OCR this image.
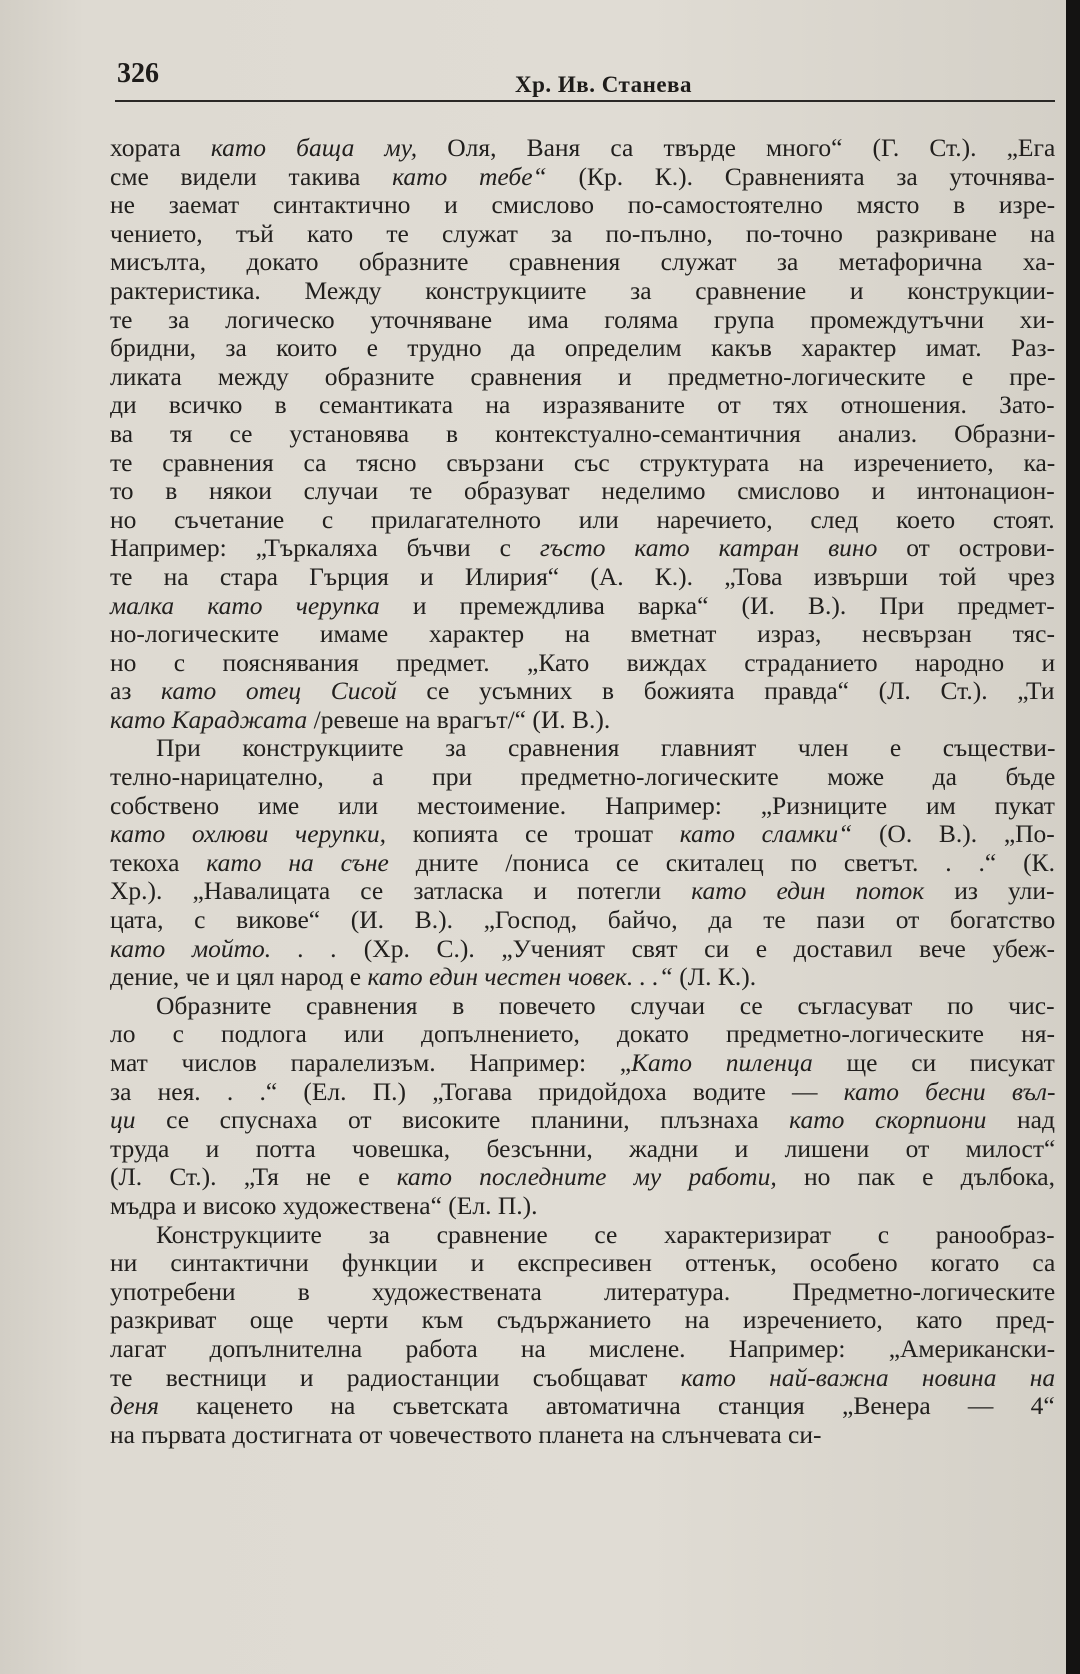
326	Хр. Ив. Станева

хората като баща му, Оля, Ваня са твърде много“ (Г. Ст.). „Ега
сме видели такива като тебе“ (Кр. К.). Сравненията за уточнява-
не заемат синтактично и смислово по-самостоятелно място в изре-
чението, тъй като те служат за по-пълно, по-точно разкриване на
мисълта, докато образните сравнения служат за метафорична ха-
рактеристика. Между конструкциите за сравнение и конструкции-
те за логическо уточняване има голяма група промеждутъчни хи-
бридни, за които е трудно да определим какъв характер имат. Раз-
ликата между образните сравнения и предметно-логическите е пре-
ди всичко в семантиката на изразяваните от тях отношения. Зато-
ва тя се установява в контекстуално-семантичния анализ. Образни-
те сравнения са тясно свързани със структурата на изречението, ка-
то в някои случаи те образуват неделимо смислово и интонацион-
но съчетание с прилагателното или наречието, след което стоят.
Например: „Търкаляха бъчви с гъсто като катран вино от острови-
те на стара Гърция и Илирия“ (А. К.). „Това извърши той чрез
малка като черупка и премеждлива варка“ (И. В.). При предмет-
но-логическите имаме характер на вметнат израз, несвързан тяс-
но с пояснявания предмет. „Като виждах страданието народно и
аз като отец Сисой се усъмних в божията правда“ (Л. Ст.). „Ти
като Караджата /ревеше на врагът/“ (И. В.).

При конструкциите за сравнения главният член е съществи-
телно-нарицателно, а при предметно-логическите може да бъде
собствено име или местоимение. Например: „Ризниците им пукат
като охлюви черупки, копията се трошат като сламки“ (О. В.). „По-
текоха като на съне дните /пониса се скиталец по светът. . .“ (К.
Хр.). „Навалицата се затласка и потегли като един поток из ули-
цата, с викове“ (И. В.). „Господ, байчо, да те пази от богатство
като мойто. . . (Хр. С.). „Ученият свят си е доставил вече убеж-
дение, че и цял народ е като един честен човек. . .“ (Л. К.).

Образните сравнения в повечето случаи се съгласуват по чис-
ло с подлога или допълнението, докато предметно-логическите ня-
мат числов паралелизъм. Например: „Като пиленца ще си писукат
за нея. . .“ (Ел. П.) „Тогава придойдоха водите — като бесни въл-
ци се спуснаха от високите планини, плъзнаха като скорпиони над
труда и потта човешка, безсънни, жадни и лишени от милост“
(Л. Ст.). „Тя не е като последните му работи, но пак е дълбока,
мъдра и високо художествена“ (Ел. П.).

Конструкциите за сравнение се характеризират с ранообраз-
ни синтактични функции и експресивен оттенък, особено когато са
употребени в художествената литература. Предметно-логическите
разкриват още черти към съдържанието на изречението, като пред-
лагат допълнителна работа на мислене. Например: „Американски-
те вестници и радиостанции съобщават като най-важна новина на
деня каценето на съветската автоматична станция „Венера — 4“
на първата достигната от човечеството планета на слънчевата си-
